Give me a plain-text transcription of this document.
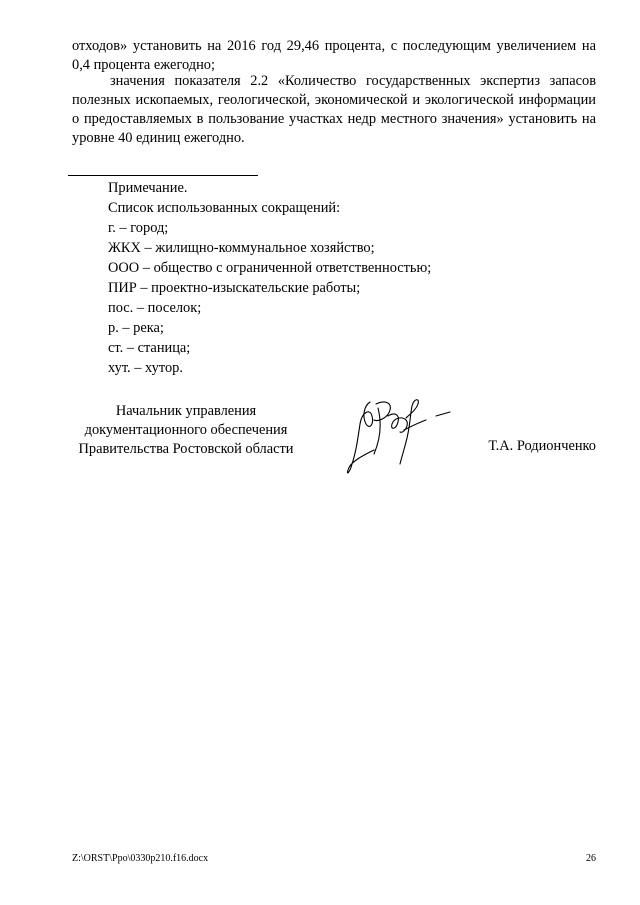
отходов» установить на 2016 год 29,46 процента, с последующим увеличением на 0,4 процента ежегодно;

значения показателя 2.2 «Количество государственных экспертиз запасов полезных ископаемых, геологической, экономической и экологической информации о предоставляемых в пользование участках недр местного значения» установить на уровне 40 единиц ежегодно.

Примечание.
Список использованных сокращений:
г. – город;
ЖКХ – жилищно-коммунальное хозяйство;
ООО – общество с ограниченной ответственностью;
ПИР – проектно-изыскательские работы;
пос. – поселок;
р. – река;
ст. – станица;
хут. – хутор.
Начальник управления
документационного обеспечения
Правительства Ростовской области	Т.А. Родионченко
Z:\ORST\Ppo\0330p210.f16.docx	26
